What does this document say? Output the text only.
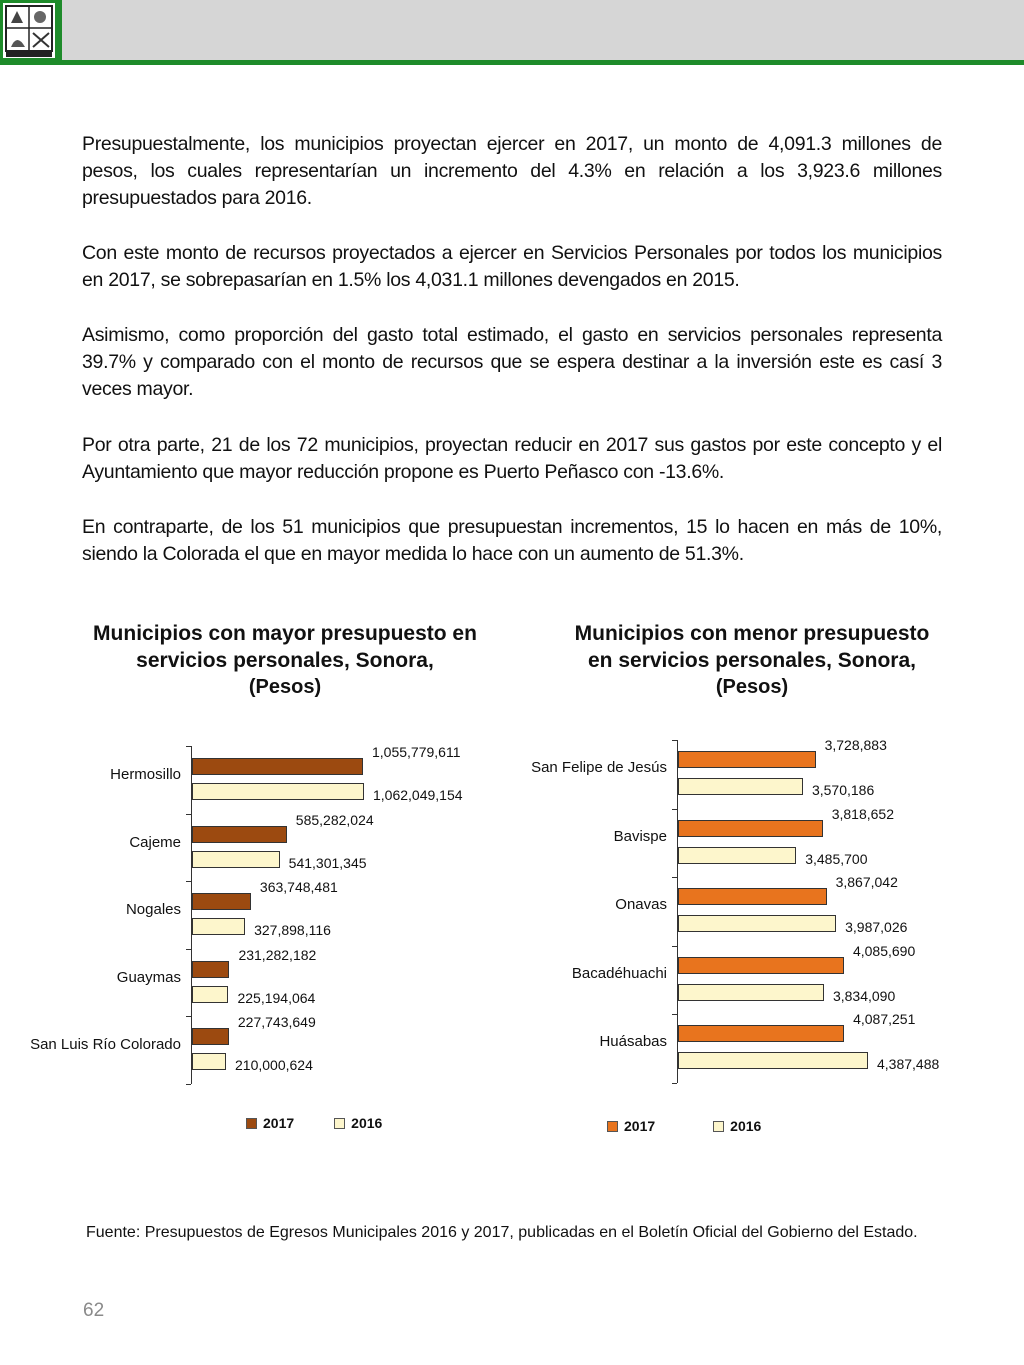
Presupuestalmente, los municipios proyectan ejercer en 2017, un monto de 4,091.3 millones de pesos, los cuales representarían un incremento del 4.3% en relación a los 3,923.6 millones presupuestados para 2016.

Con este monto de recursos proyectados a ejercer en Servicios Personales por todos los municipios en 2017, se sobrepasarían en 1.5% los 4,031.1 millones devengados en 2015.

Asimismo, como proporción del gasto total estimado, el gasto en servicios personales representa 39.7% y comparado con el monto de recursos que se espera destinar a la inversión este es casí 3 veces mayor.

Por otra parte, 21 de los 72 municipios, proyectan reducir en 2017 sus gastos por este concepto y el Ayuntamiento que mayor reducción propone es Puerto Peñasco con -13.6%.

En contraparte, de los 51 municipios que presupuestan incrementos, 15 lo hacen en más de 10%, siendo la Colorada el que en mayor medida lo hace con un aumento de 51.3%.

Municipios con mayor presupuesto en
servicios personales, Sonora,
(Pesos)
Municipios con menor presupuesto
en servicios personales, Sonora,
(Pesos)
Hermosillo
1,055,779,611
1,062,049,154
Cajeme
585,282,024
541,301,345
Nogales
363,748,481
327,898,116
Guaymas
231,282,182
225,194,064
San Luis Río Colorado
227,743,649
210,000,624
San Felipe de Jesús
3,728,883
3,570,186
Bavispe
3,818,652
3,485,700
Onavas
3,867,042
3,987,026
Bacadéhuachi
4,085,690
3,834,090
Huásabas
4,087,251
4,387,488
2017	2016	2017	2016
Fuente: Presupuestos de Egresos Municipales 2016 y 2017, publicadas en el Boletín Oficial del Gobierno del Estado.
62
